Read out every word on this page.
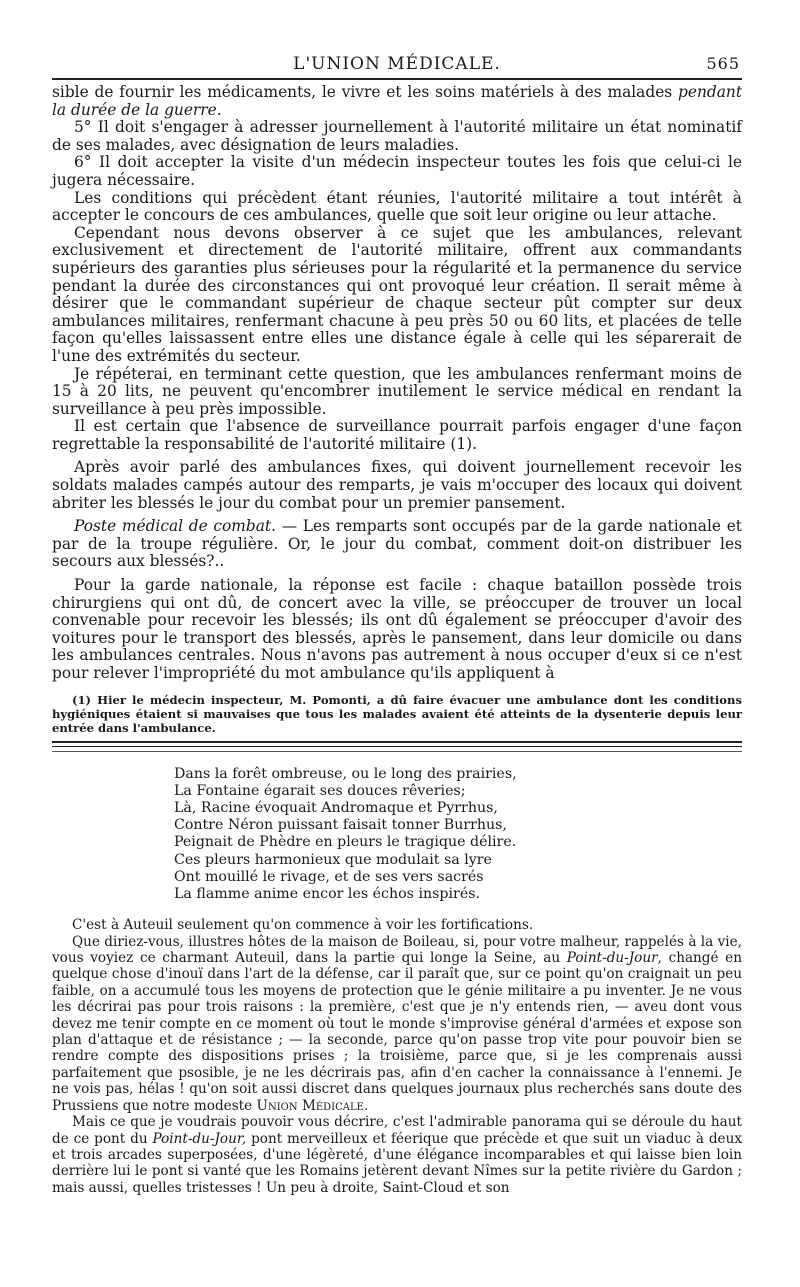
L'UNION MÉDICALE.	565

sible de fournir les médicaments, le vivre et les soins matériels à des malades pendant la durée de la guerre.

5° Il doit s'engager à adresser journellement à l'autorité militaire un état nominatif de ses malades, avec désignation de leurs maladies.

6° Il doit accepter la visite d'un médecin inspecteur toutes les fois que celui-ci le jugera nécessaire.

Les conditions qui précèdent étant réunies, l'autorité militaire a tout intérêt à accepter le concours de ces ambulances, quelle que soit leur origine ou leur attache.

Cependant nous devons observer à ce sujet que les ambulances, relevant exclusivement et directement de l'autorité militaire, offrent aux commandants supérieurs des garanties plus sérieuses pour la régularité et la permanence du service pendant la durée des circonstances qui ont provoqué leur création. Il serait même à désirer que le commandant supérieur de chaque secteur pût compter sur deux ambulances militaires, renfermant chacune à peu près 50 ou 60 lits, et placées de telle façon qu'elles laissassent entre elles une distance égale à celle qui les séparerait de l'une des extrémités du secteur.

Je répéterai, en terminant cette question, que les ambulances renfermant moins de 15 à 20 lits, ne peuvent qu'encombrer inutilement le service médical en rendant la surveillance à peu près impossible.

Il est certain que l'absence de surveillance pourrait parfois engager d'une façon regrettable la responsabilité de l'autorité militaire (1).

Après avoir parlé des ambulances fixes, qui doivent journellement recevoir les soldats malades campés autour des remparts, je vais m'occuper des locaux qui doivent abriter les blessés le jour du combat pour un premier pansement.

Poste médical de combat. — Les remparts sont occupés par de la garde nationale et par de la troupe régulière. Or, le jour du combat, comment doit-on distribuer les secours aux blessés?..

Pour la garde nationale, la réponse est facile : chaque bataillon possède trois chirurgiens qui ont dû, de concert avec la ville, se préoccuper de trouver un local convenable pour recevoir les blessés; ils ont dû également se préoccuper d'avoir des voitures pour le transport des blessés, après le pansement, dans leur domicile ou dans les ambulances centrales. Nous n'avons pas autrement à nous occuper d'eux si ce n'est pour relever l'impropriété du mot ambulance qu'ils appliquent à

(1) Hier le médecin inspecteur, M. Pomonti, a dû faire évacuer une ambulance dont les conditions hygiéniques étaient si mauvaises que tous les malades avaient été atteints de la dysenterie depuis leur entrée dans l'ambulance.
Dans la forêt ombreuse, ou le long des prairies,
La Fontaine égarait ses douces rêveries;
Là, Racine évoquait Andromaque et Pyrrhus,
Contre Néron puissant faisait tonner Burrhus,
Peignait de Phèdre en pleurs le tragique délire.
Ces pleurs harmonieux que modulait sa lyre
Ont mouillé le rivage, et de ses vers sacrés
La flamme anime encor les échos inspirés.

C'est à Auteuil seulement qu'on commence à voir les fortifications.

Que diriez-vous, illustres hôtes de la maison de Boileau, si, pour votre malheur, rappelés à la vie, vous voyiez ce charmant Auteuil, dans la partie qui longe la Seine, au Point-du-Jour, changé en quelque chose d'inouï dans l'art de la défense, car il paraît que, sur ce point qu'on craignait un peu faible, on a accumulé tous les moyens de protection que le génie militaire a pu inventer. Je ne vous les décrirai pas pour trois raisons : la première, c'est que je n'y entends rien, — aveu dont vous devez me tenir compte en ce moment où tout le monde s'improvise général d'armées et expose son plan d'attaque et de résistance ; — la seconde, parce qu'on passe trop vite pour pouvoir bien se rendre compte des dispositions prises ; la troisième, parce que, si je les comprenais aussi parfaitement que psosible, je ne les décrirais pas, afin d'en cacher la connaissance à l'ennemi. Je ne vois pas, hélas ! qu'on soit aussi discret dans quelques journaux plus recherchés sans doute des Prussiens que notre modeste Union Médicale.

Mais ce que je voudrais pouvoir vous décrire, c'est l'admirable panorama qui se déroule du haut de ce pont du Point-du-Jour, pont merveilleux et féerique que précède et que suit un viaduc à deux et trois arcades superposées, d'une légèreté, d'une élégance incomparables et qui laisse bien loin derrière lui le pont si vanté que les Romains jetèrent devant Nîmes sur la petite rivière du Gardon ; mais aussi, quelles tristesses ! Un peu à droite, Saint-Cloud et son
